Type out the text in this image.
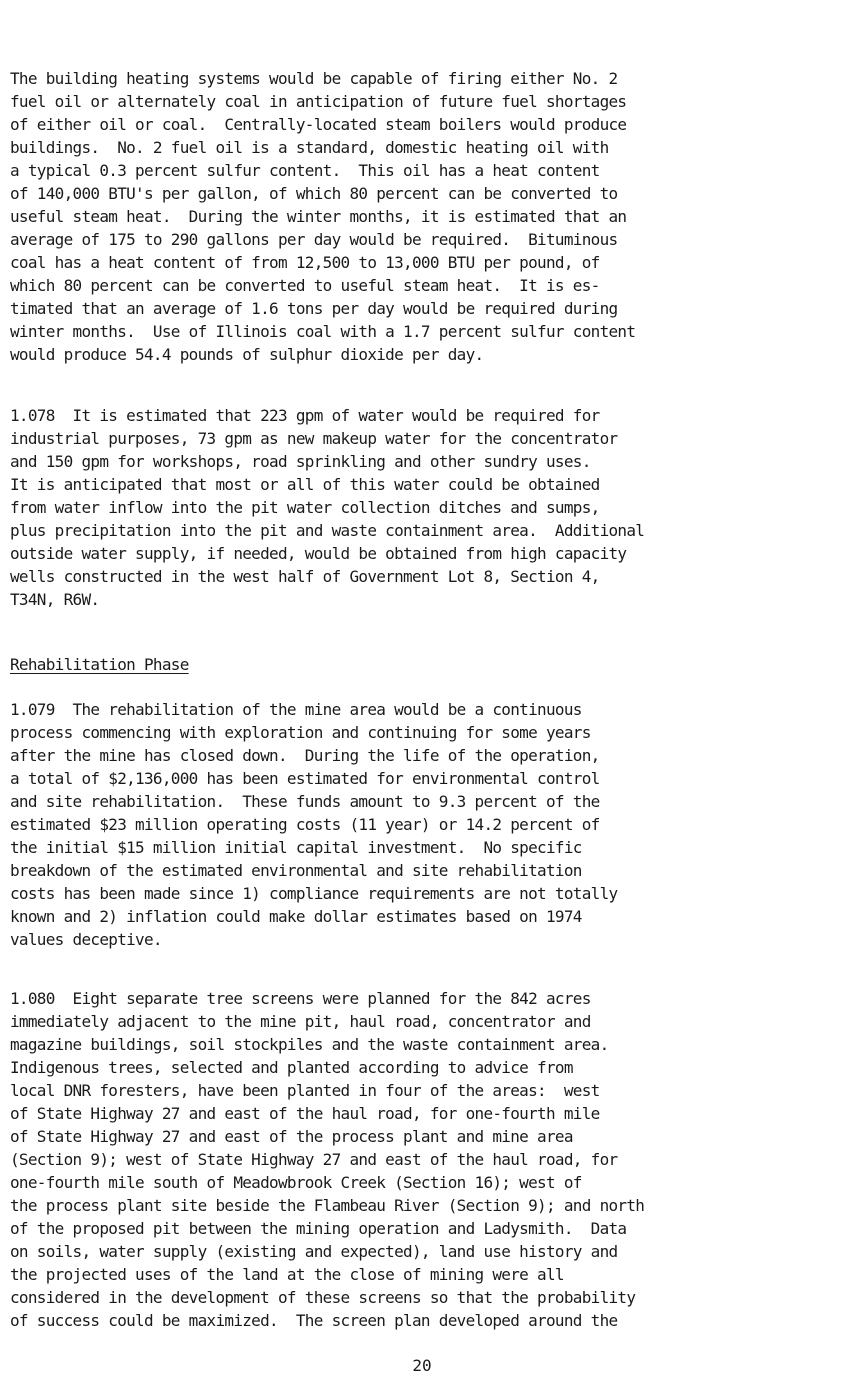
The building heating systems would be capable of firing either No. 2
fuel oil or alternately coal in anticipation of future fuel shortages
of either oil or coal.  Centrally-located steam boilers would produce
buildings.  No. 2 fuel oil is a standard, domestic heating oil with
a typical 0.3 percent sulfur content.  This oil has a heat content
of 140,000 BTU's per gallon, of which 80 percent can be converted to
useful steam heat.  During the winter months, it is estimated that an
average of 175 to 290 gallons per day would be required.  Bituminous
coal has a heat content of from 12,500 to 13,000 BTU per pound, of
which 80 percent can be converted to useful steam heat.  It is es-
timated that an average of 1.6 tons per day would be required during
winter months.  Use of Illinois coal with a 1.7 percent sulfur content
would produce 54.4 pounds of sulphur dioxide per day.
1.078  It is estimated that 223 gpm of water would be required for
industrial purposes, 73 gpm as new makeup water for the concentrator
and 150 gpm for workshops, road sprinkling and other sundry uses.
It is anticipated that most or all of this water could be obtained
from water inflow into the pit water collection ditches and sumps,
plus precipitation into the pit and waste containment area.  Additional
outside water supply, if needed, would be obtained from high capacity
wells constructed in the west half of Government Lot 8, Section 4,
T34N, R6W.
Rehabilitation Phase
1.079  The rehabilitation of the mine area would be a continuous
process commencing with exploration and continuing for some years
after the mine has closed down.  During the life of the operation,
a total of $2,136,000 has been estimated for environmental control
and site rehabilitation.  These funds amount to 9.3 percent of the
estimated $23 million operating costs (11 year) or 14.2 percent of
the initial $15 million initial capital investment.  No specific
breakdown of the estimated environmental and site rehabilitation
costs has been made since 1) compliance requirements are not totally
known and 2) inflation could make dollar estimates based on 1974
values deceptive.
1.080  Eight separate tree screens were planned for the 842 acres
immediately adjacent to the mine pit, haul road, concentrator and
magazine buildings, soil stockpiles and the waste containment area.
Indigenous trees, selected and planted according to advice from
local DNR foresters, have been planted in four of the areas:  west
of State Highway 27 and east of the haul road, for one-fourth mile
of State Highway 27 and east of the process plant and mine area
(Section 9); west of State Highway 27 and east of the haul road, for
one-fourth mile south of Meadowbrook Creek (Section 16); west of
the process plant site beside the Flambeau River (Section 9); and north
of the proposed pit between the mining operation and Ladysmith.  Data
on soils, water supply (existing and expected), land use history and
the projected uses of the land at the close of mining were all
considered in the development of these screens so that the probability
of success could be maximized.  The screen plan developed around the
20
